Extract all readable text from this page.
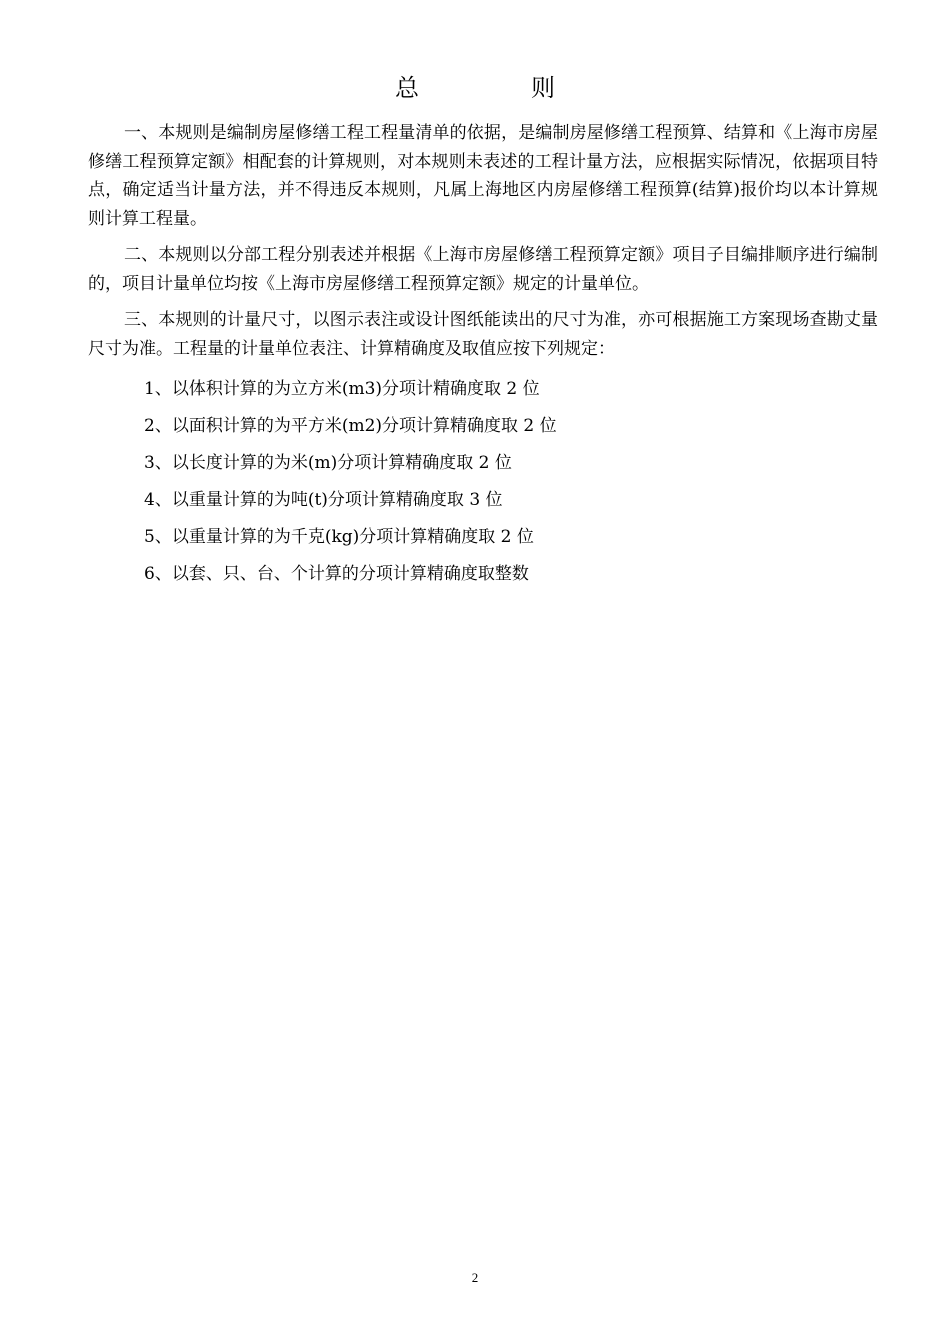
总　则

一、本规则是编制房屋修缮工程工程量清单的依据，是编制房屋修缮工程预算、结算和《上海市房屋修缮工程预算定额》相配套的计算规则，对本规则未表述的工程计量方法，应根据实际情况，依据项目特点，确定适当计量方法，并不得违反本规则，凡属上海地区内房屋修缮工程预算(结算)报价均以本计算规则计算工程量。

二、本规则以分部工程分别表述并根据《上海市房屋修缮工程预算定额》项目子目编排顺序进行编制的，项目计量单位均按《上海市房屋修缮工程预算定额》规定的计量单位。

三、本规则的计量尺寸，以图示表注或设计图纸能读出的尺寸为准，亦可根据施工方案现场查勘丈量尺寸为准。工程量的计量单位表注、计算精确度及取值应按下列规定：

1、以体积计算的为立方米(m3)分项计精确度取 2 位
2、以面积计算的为平方米(m2)分项计算精确度取 2 位
3、以长度计算的为米(m)分项计算精确度取 2 位
4、以重量计算的为吨(t)分项计算精确度取 3 位
5、以重量计算的为千克(kg)分项计算精确度取 2 位
6、以套、只、台、个计算的分项计算精确度取整数
2
